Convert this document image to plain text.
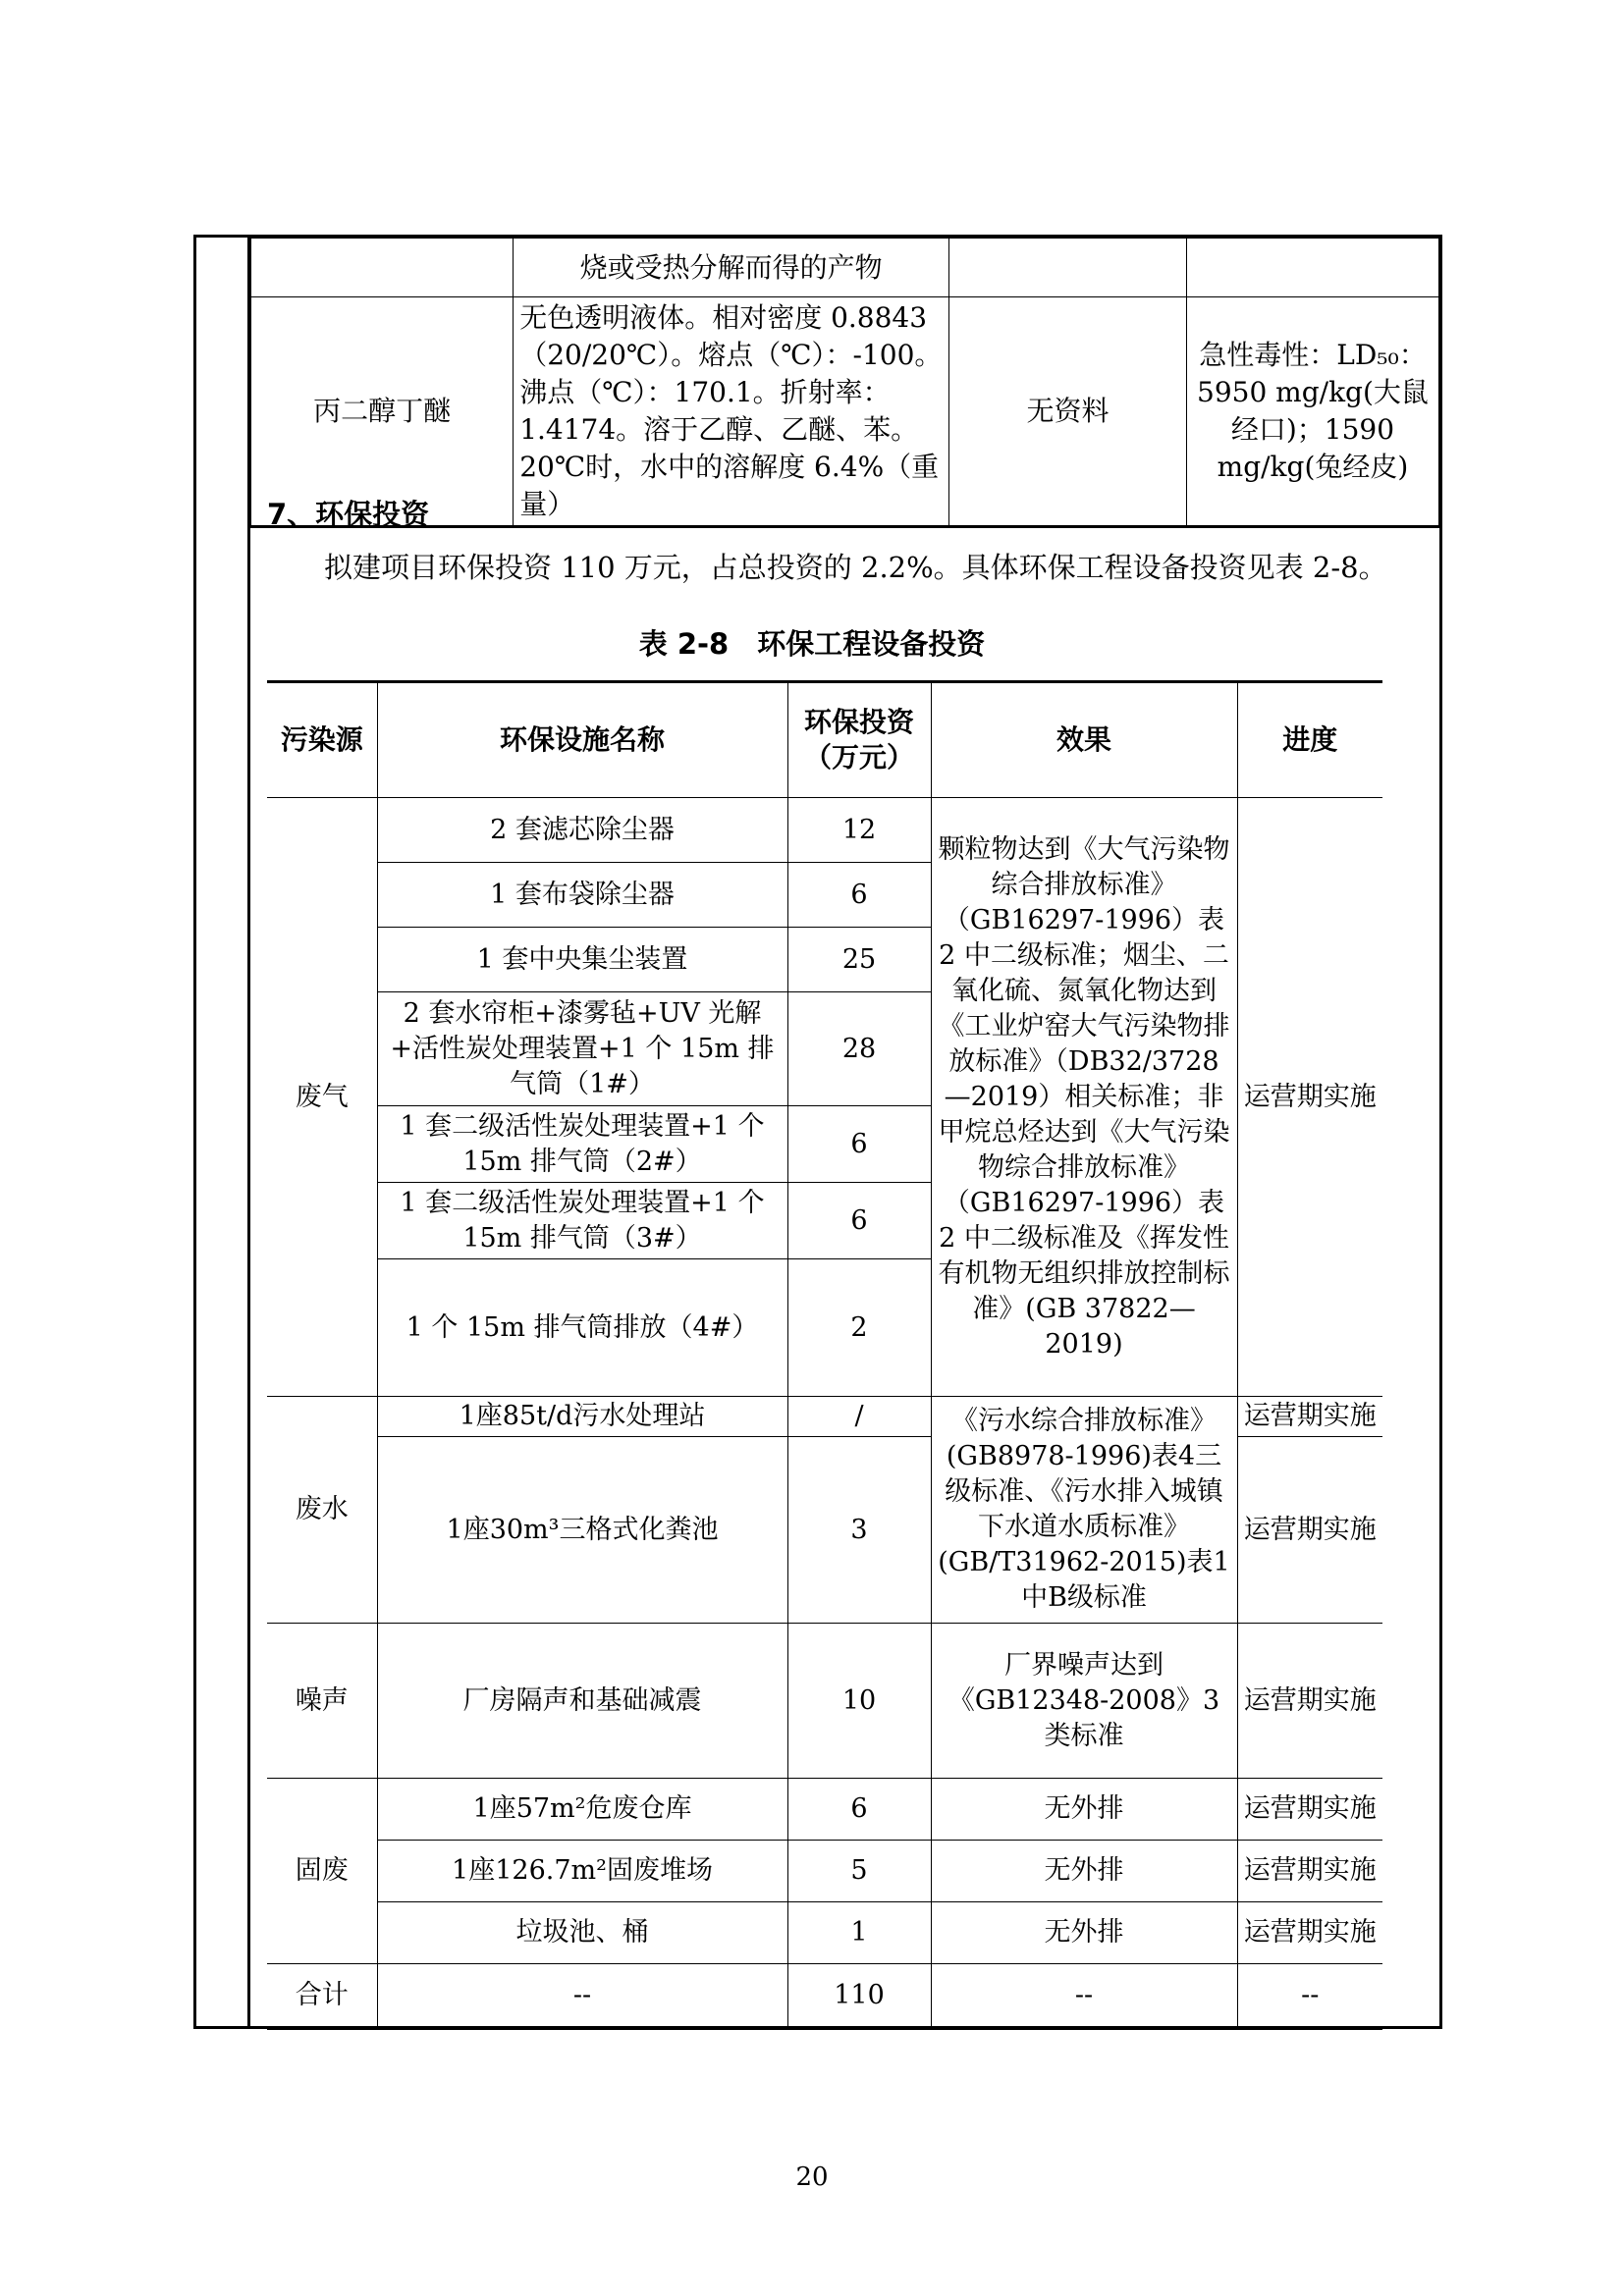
	烧或受热分解而得的产物		
丙二醇丁醚	无色透明液体。相对密度 0.8843（20/20℃）。熔点（℃）：-100。沸点（℃）：170.1。折射率：1.4174。溶于乙醇、乙醚、苯。20℃时，水中的溶解度 6.4%（重量）	无资料	急性毒性：LD₅₀：5950 mg/kg(大鼠经口)；1590 mg/kg(兔经皮)
7、环保投资
拟建项目环保投资 110 万元，占总投资的 2.2%。具体环保工程设备投资见表 2-8。
表 2-8　环保工程设备投资
污染源	环保设施名称	环保投资（万元）	效果	进度
废气	2 套滤芯除尘器	12	颗粒物达到《大气污染物综合排放标准》（GB16297-1996）表 2 中二级标准；烟尘、二氧化硫、氮氧化物达到《工业炉窑大气污染物排放标准》（DB32/3728—2019）相关标准；非甲烷总烃达到《大气污染物综合排放标准》（GB16297-1996）表 2 中二级标准及《挥发性有机物无组织排放控制标准》(GB 37822—2019)	运营期实施
	1 套布袋除尘器	6		
	1 套中央集尘装置	25		
	2 套水帘柜+漆雾毡+UV 光解+活性炭处理装置+1 个 15m 排气筒（1#）	28		
	1 套二级活性炭处理装置+1 个 15m 排气筒（2#）	6		
	1 套二级活性炭处理装置+1 个 15m 排气筒（3#）	6		
	1 个 15m 排气筒排放（4#）	2		
废水	1座85t/d污水处理站	/	《污水综合排放标准》(GB8978-1996)表4三级标准、《污水排入城镇下水道水质标准》(GB/T31962-2015)表1中B级标准	运营期实施
	1座30m³三格式化粪池	3		运营期实施
噪声	厂房隔声和基础减震	10	厂界噪声达到《GB12348-2008》3类标准	运营期实施
固废	1座57m²危废仓库	6	无外排	运营期实施
	1座126.7m²固废堆场	5	无外排	运营期实施
	垃圾池、桶	1	无外排	运营期实施
合计	--	110	--	--
20
